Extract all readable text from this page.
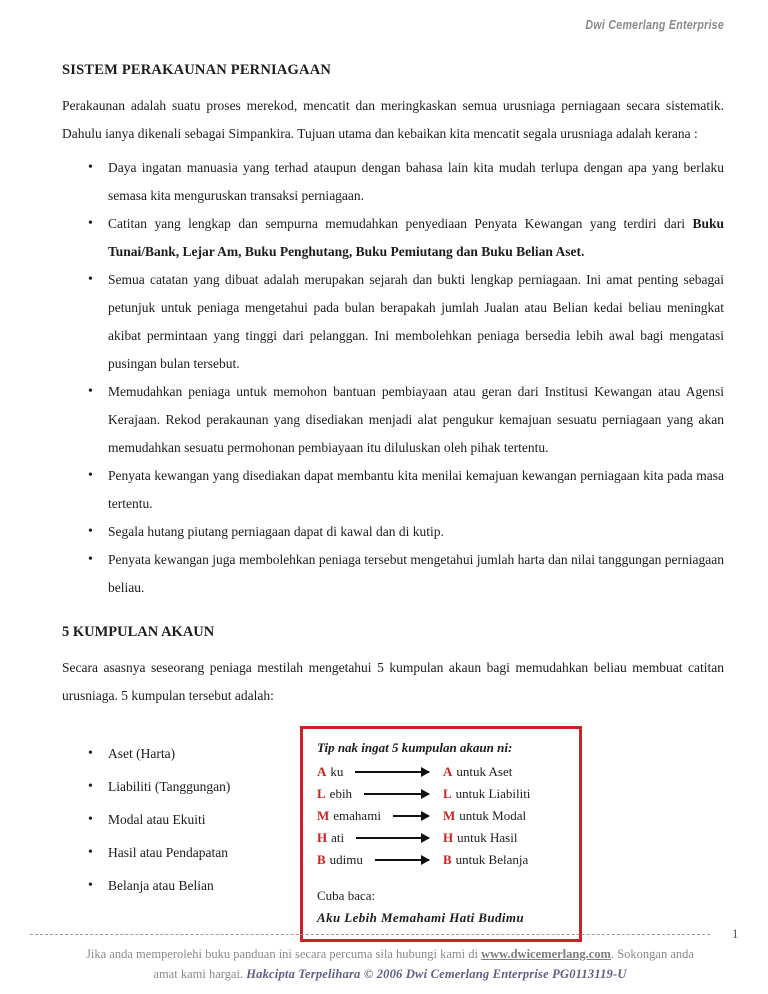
Dwi Cemerlang Enterprise
SISTEM PERAKAUNAN PERNIAGAAN

Perakaunan adalah suatu proses merekod, mencatit dan meringkaskan semua urusniaga perniagaan secara sistematik. Dahulu ianya dikenali sebagai Simpankira. Tujuan utama dan kebaikan kita mencatit segala urusniaga adalah kerana :

• Daya ingatan manuasia yang terhad ataupun dengan bahasa lain kita mudah terlupa dengan apa yang berlaku semasa kita menguruskan transaksi perniagaan.
• Catitan yang lengkap dan sempurna memudahkan penyediaan Penyata Kewangan yang terdiri dari Buku Tunai/Bank, Lejar Am, Buku Penghutang, Buku Pemiutang dan Buku Belian Aset.
• Semua catatan yang dibuat adalah merupakan sejarah dan bukti lengkap perniagaan. Ini amat penting sebagai petunjuk untuk peniaga mengetahui pada bulan berapakah jumlah Jualan atau Belian kedai beliau meningkat akibat permintaan yang tinggi dari pelanggan. Ini membolehkan peniaga bersedia lebih awal bagi mengatasi pusingan bulan tersebut.
• Memudahkan peniaga untuk memohon bantuan pembiayaan atau geran dari Institusi Kewangan atau Agensi Kerajaan. Rekod perakaunan yang disediakan menjadi alat pengukur kemajuan sesuatu perniagaan yang akan memudahkan sesuatu permohonan pembiayaan itu diluluskan oleh pihak tertentu.
• Penyata kewangan yang disediakan dapat membantu kita menilai kemajuan kewangan perniagaan kita pada masa tertentu.
• Segala hutang piutang perniagaan dapat di kawal dan di kutip.
• Penyata kewangan juga membolehkan peniaga tersebut mengetahui jumlah harta dan nilai tanggungan perniagaan beliau.
5 KUMPULAN AKAUN

Secara asasnya seseorang peniaga mestilah mengetahui 5 kumpulan akaun bagi memudahkan beliau membuat catitan urusniaga. 5 kumpulan tersebut adalah:

• Aset (Harta)
• Liabiliti (Tanggungan)
• Modal atau Ekuiti
• Hasil atau Pendapatan
• Belanja atau Belian
Tip nak ingat 5 kumpulan akaun ni:
A ku	A untuk Aset
L ebih	L untuk Liabiliti
M emahami	M untuk Modal
H ati	H untuk Hasil
B udimu	B untuk Belanja
Cuba baca:
Aku Lebih Memahami Hati Budimu
1
Jika anda memperolehi buku panduan ini secara percuma sila hubungi kami di www.dwicemerlang.com. Sokongan anda
amat kami hargai. Hakcipta Terpelihara © 2006 Dwi Cemerlang Enterprise PG0113119-U
